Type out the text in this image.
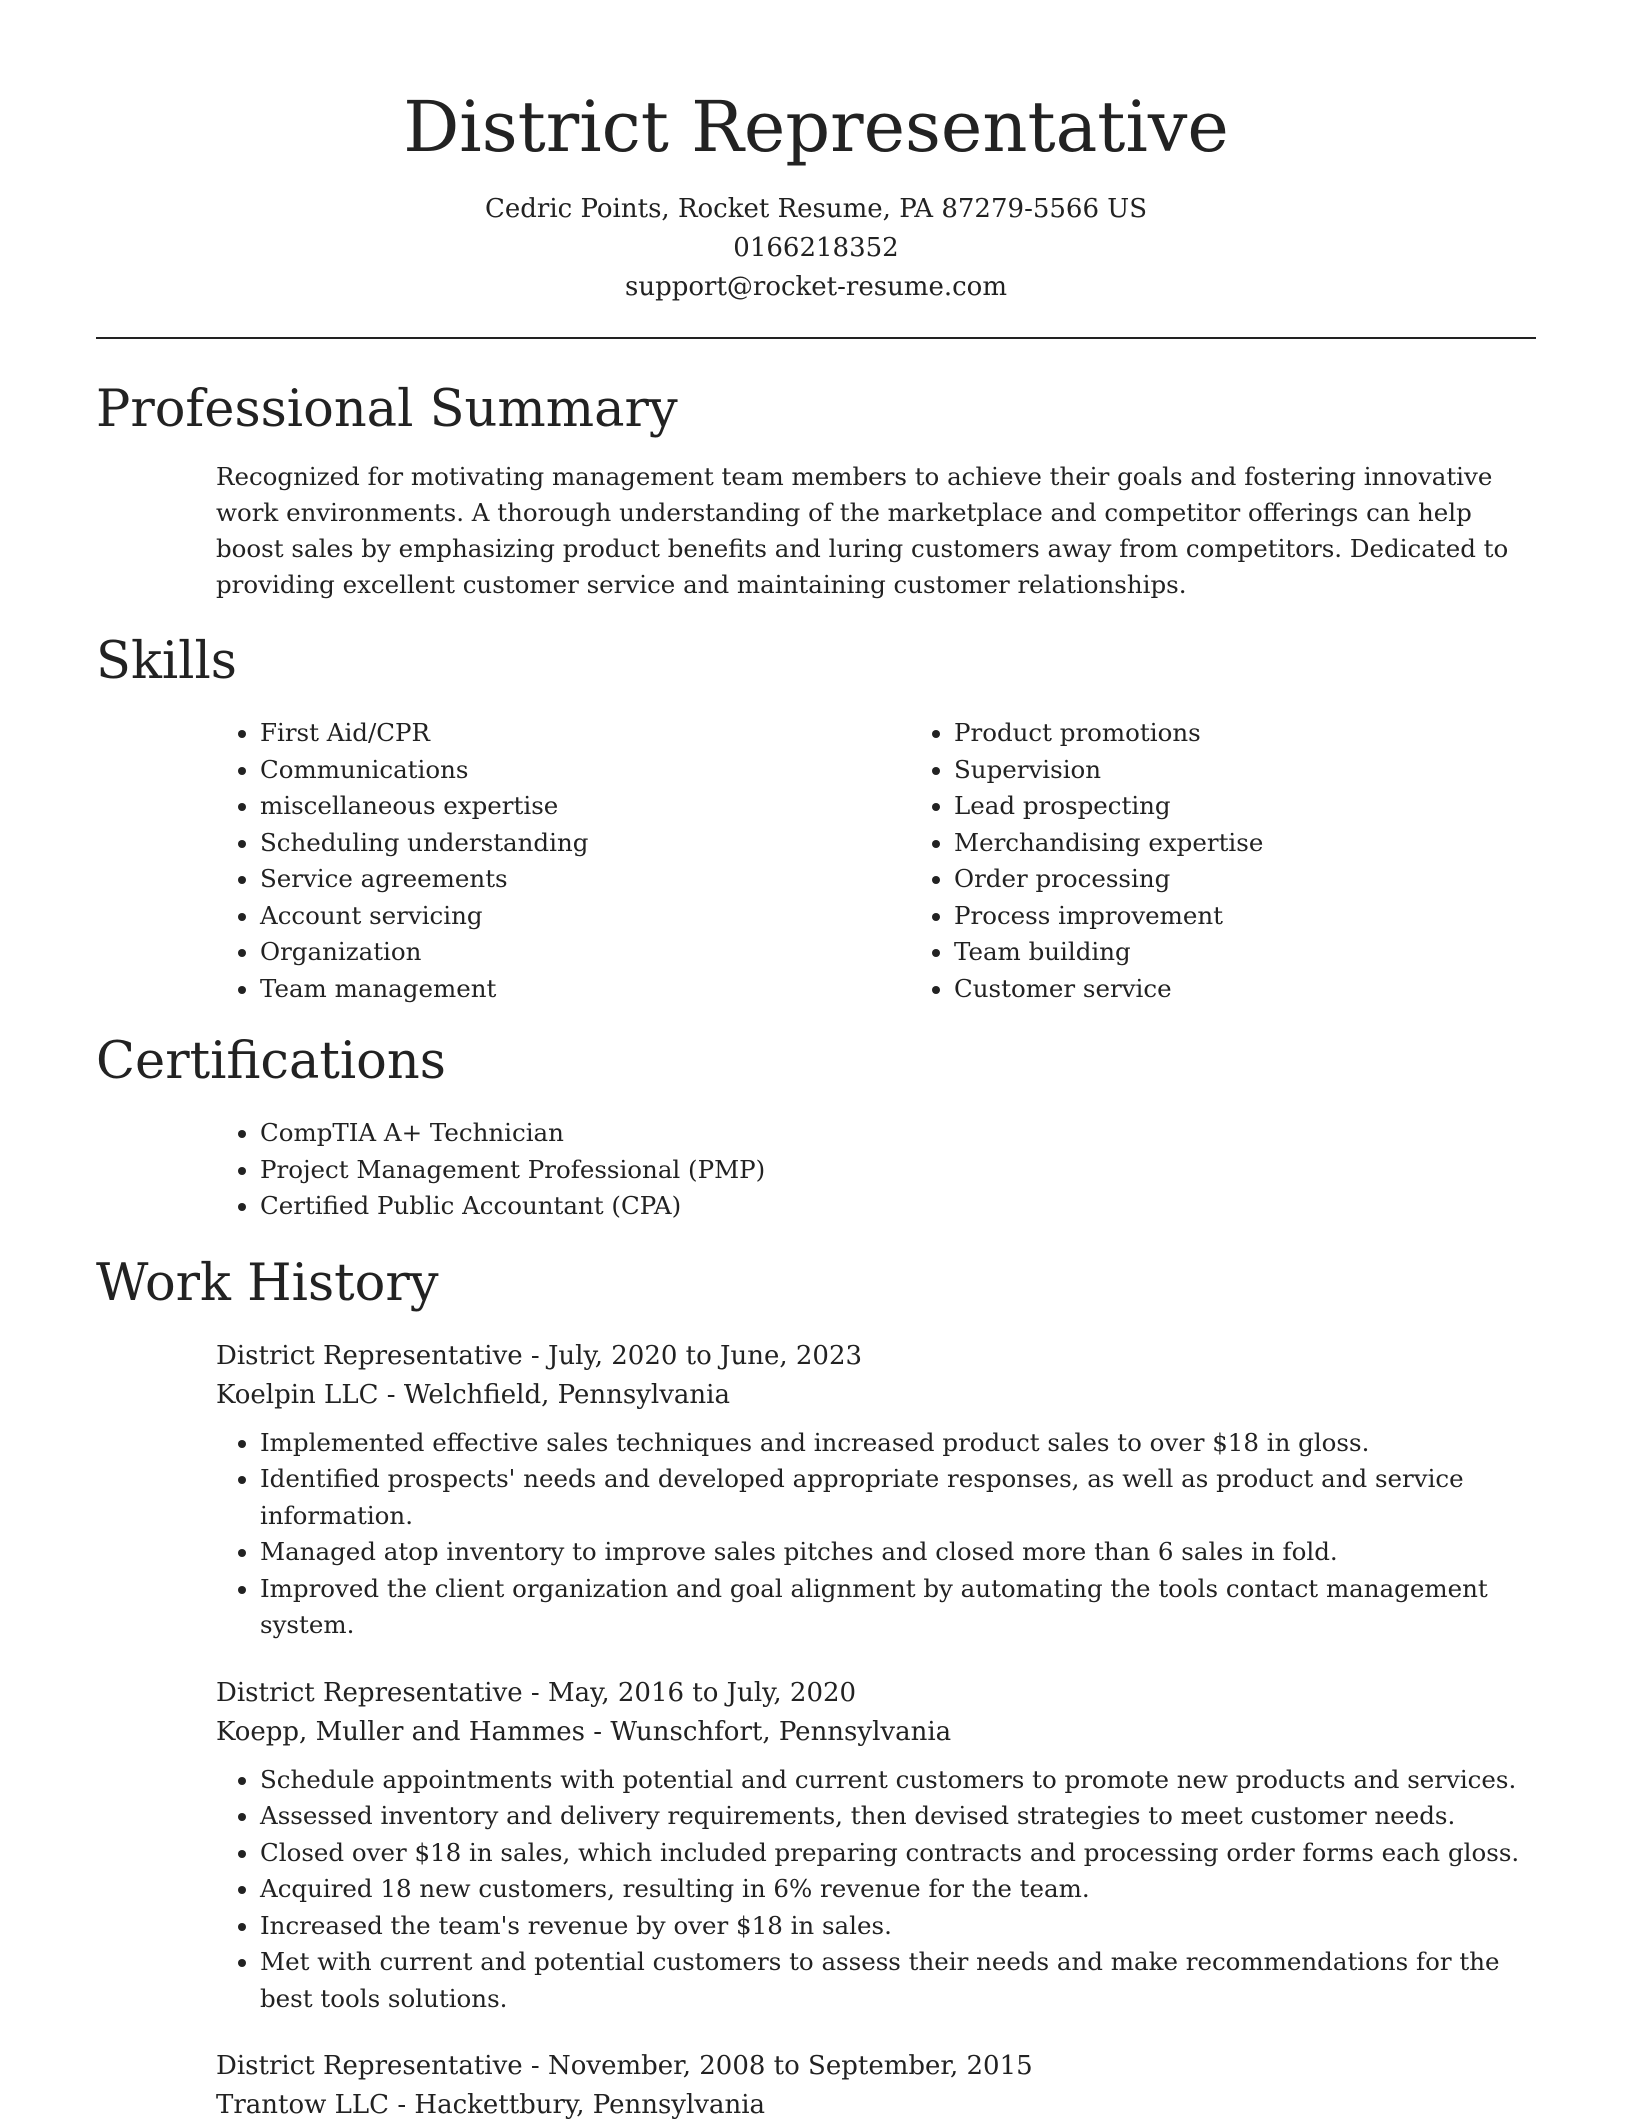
District Representative
Cedric Points, Rocket Resume, PA 87279-5566 US
0166218352
support@rocket-resume.com
Professional Summary

Recognized for motivating management team members to achieve their goals and fostering innovative work environments. A thorough understanding of the marketplace and competitor offerings can help boost sales by emphasizing product benefits and luring customers away from competitors. Dedicated to providing excellent customer service and maintaining customer relationships.

Skills
• First Aid/CPR
• Communications
• miscellaneous expertise
• Scheduling understanding
• Service agreements
• Account servicing
• Organization
• Team management
• Product promotions
• Supervision
• Lead prospecting
• Merchandising expertise
• Order processing
• Process improvement
• Team building
• Customer service
Certifications
• CompTIA A+ Technician
• Project Management Professional (PMP)
• Certified Public Accountant (CPA)
Work History
District Representative - July, 2020 to June, 2023
Koelpin LLC - Welchfield, Pennsylvania
• Implemented effective sales techniques and increased product sales to over $18 in gloss.
• Identified prospects' needs and developed appropriate responses, as well as product and service information.
• Managed atop inventory to improve sales pitches and closed more than 6 sales in fold.
• Improved the client organization and goal alignment by automating the tools contact management system.
District Representative - May, 2016 to July, 2020
Koepp, Muller and Hammes - Wunschfort, Pennsylvania
• Schedule appointments with potential and current customers to promote new products and services.
• Assessed inventory and delivery requirements, then devised strategies to meet customer needs.
• Closed over $18 in sales, which included preparing contracts and processing order forms each gloss.
• Acquired 18 new customers, resulting in 6% revenue for the team.
• Increased the team's revenue by over $18 in sales.
• Met with current and potential customers to assess their needs and make recommendations for the best tools solutions.
District Representative - November, 2008 to September, 2015
Trantow LLC - Hackettbury, Pennsylvania
